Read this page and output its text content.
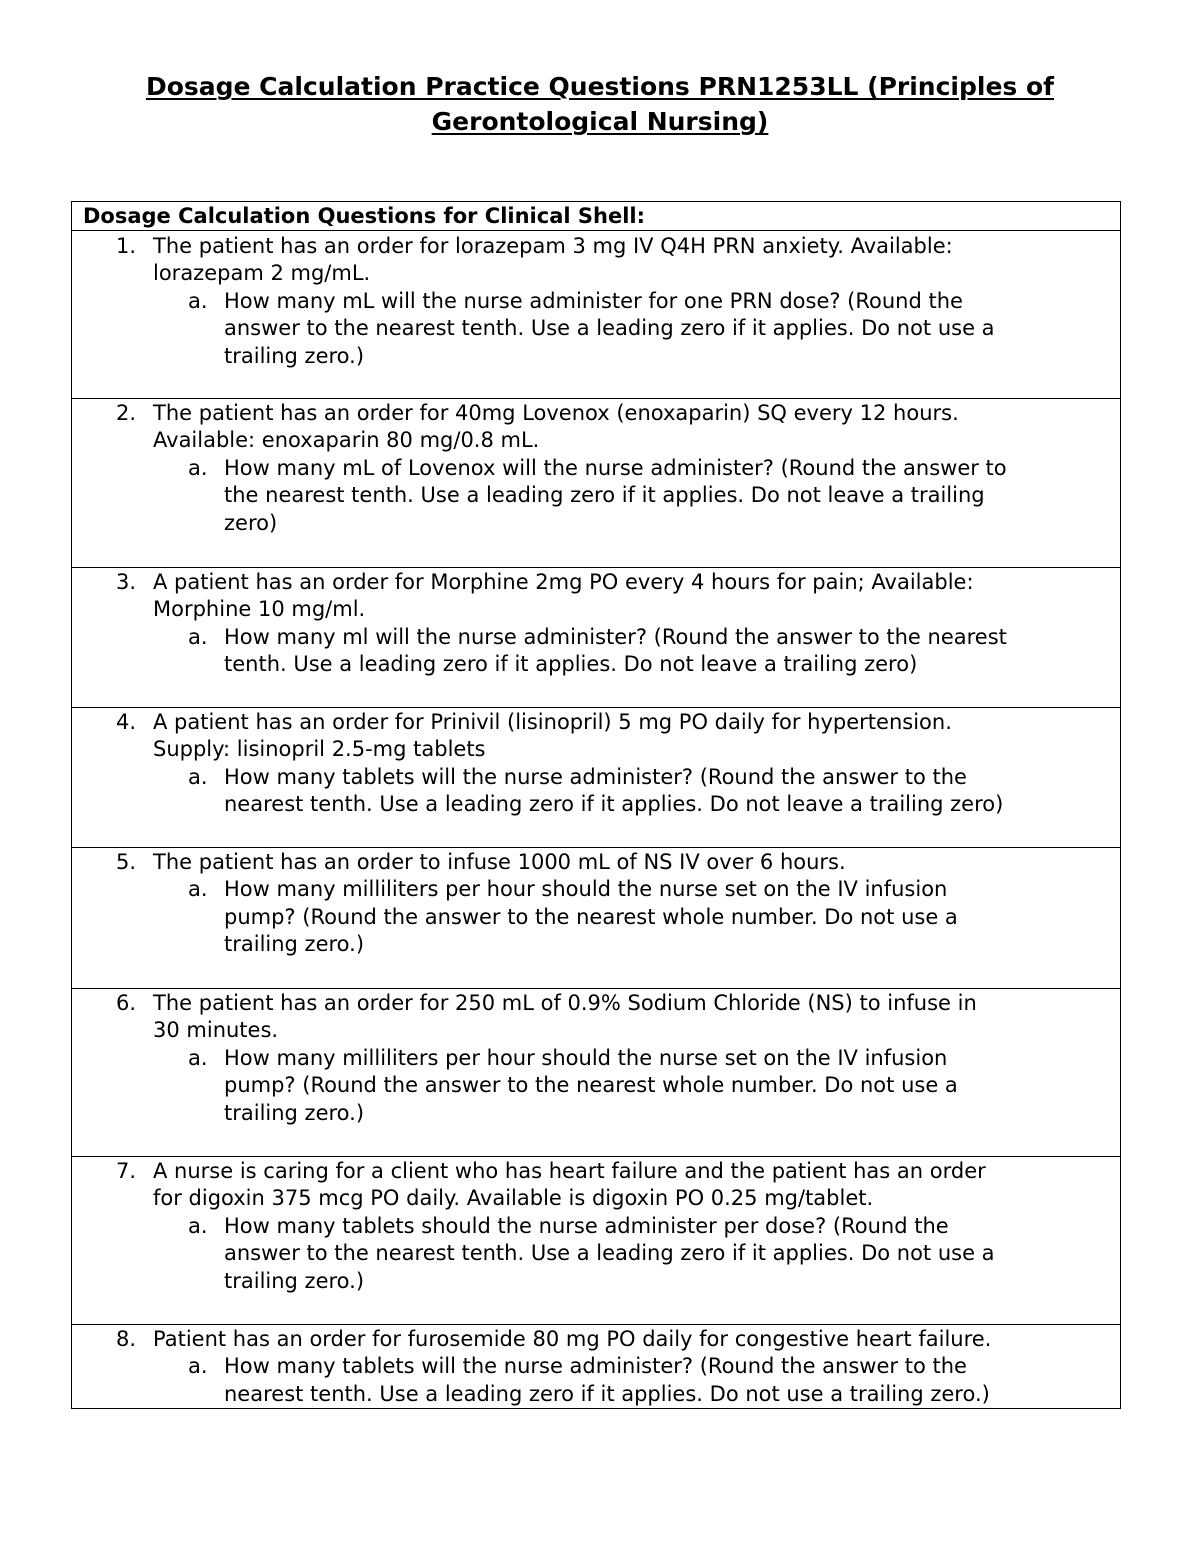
Dosage Calculation Practice Questions PRN1253LL (Principles of
Gerontological Nursing)
Dosage Calculation Questions for Clinical Shell:
1. The patient has an order for lorazepam 3 mg IV Q4H PRN anxiety. Available:
lorazepam 2 mg/mL.
a. How many mL will the nurse administer for one PRN dose? (Round the
answer to the nearest tenth. Use a leading zero if it applies. Do not use a
trailing zero.)
2. The patient has an order for 40mg Lovenox (enoxaparin) SQ every 12 hours.
Available: enoxaparin 80 mg/0.8 mL.
a. How many mL of Lovenox will the nurse administer? (Round the answer to
the nearest tenth. Use a leading zero if it applies. Do not leave a trailing
zero)
3. A patient has an order for Morphine 2mg PO every 4 hours for pain; Available:
Morphine 10 mg/ml.
a. How many ml will the nurse administer? (Round the answer to the nearest
tenth. Use a leading zero if it applies. Do not leave a trailing zero)
4. A patient has an order for Prinivil (lisinopril) 5 mg PO daily for hypertension.
Supply: lisinopril 2.5-mg tablets
a. How many tablets will the nurse administer? (Round the answer to the
nearest tenth. Use a leading zero if it applies. Do not leave a trailing zero)
5. The patient has an order to infuse 1000 mL of NS IV over 6 hours.
a. How many milliliters per hour should the nurse set on the IV infusion
pump? (Round the answer to the nearest whole number. Do not use a
trailing zero.)
6. The patient has an order for 250 mL of 0.9% Sodium Chloride (NS) to infuse in
30 minutes.
a. How many milliliters per hour should the nurse set on the IV infusion
pump? (Round the answer to the nearest whole number. Do not use a
trailing zero.)
7. A nurse is caring for a client who has heart failure and the patient has an order
for digoxin 375 mcg PO daily. Available is digoxin PO 0.25 mg/tablet.
a. How many tablets should the nurse administer per dose? (Round the
answer to the nearest tenth. Use a leading zero if it applies. Do not use a
trailing zero.)
8. Patient has an order for furosemide 80 mg PO daily for congestive heart failure.
a. How many tablets will the nurse administer? (Round the answer to the
nearest tenth. Use a leading zero if it applies. Do not use a trailing zero.)
